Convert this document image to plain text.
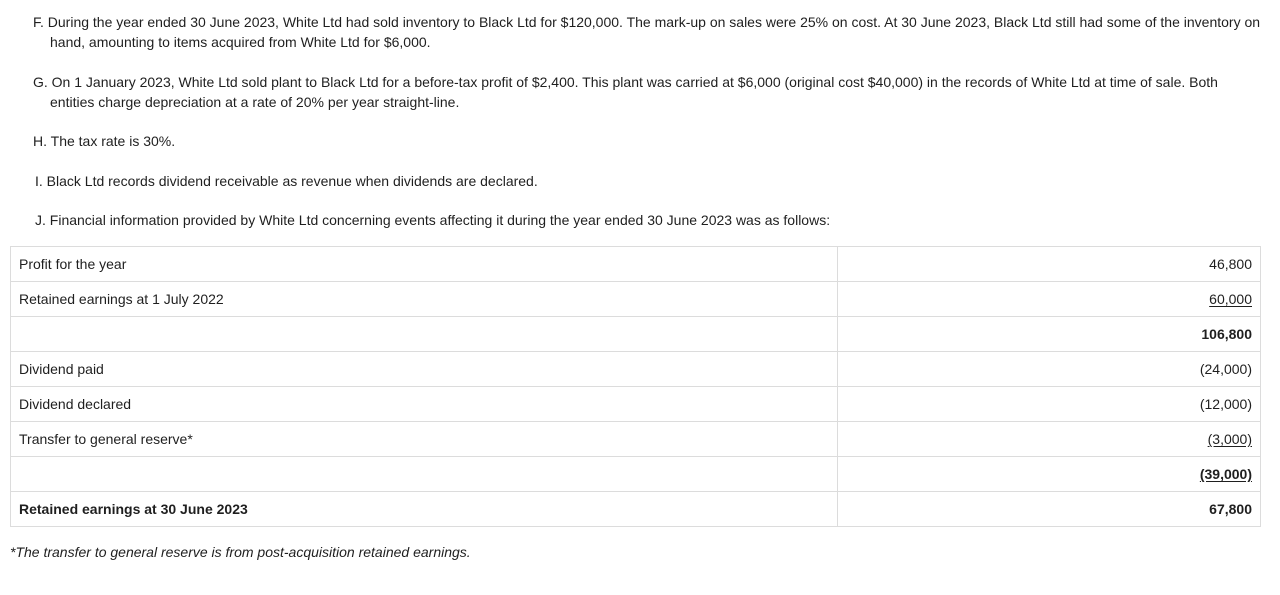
F. During the year ended 30 June 2023, White Ltd had sold inventory to Black Ltd for $120,000. The mark-up on sales were 25% on cost. At 30 June 2023, Black Ltd still had some of the inventory on hand, amounting to items acquired from White Ltd for $6,000.
G. On 1 January 2023, White Ltd sold plant to Black Ltd for a before-tax profit of $2,400. This plant was carried at $6,000 (original cost $40,000) in the records of White Ltd at time of sale. Both entities charge depreciation at a rate of 20% per year straight-line.
H. The tax rate is 30%.
I. Black Ltd records dividend receivable as revenue when dividends are declared.
J. Financial information provided by White Ltd concerning events affecting it during the year ended 30 June 2023 was as follows:
Profit for the year	46,800
Retained earnings at 1 July 2022	60,000
	106,800
Dividend paid	(24,000)
Dividend declared	(12,000)
Transfer to general reserve*	(3,000)
	(39,000)
Retained earnings at 30 June 2023	67,800
*The transfer to general reserve is from post-acquisition retained earnings.
